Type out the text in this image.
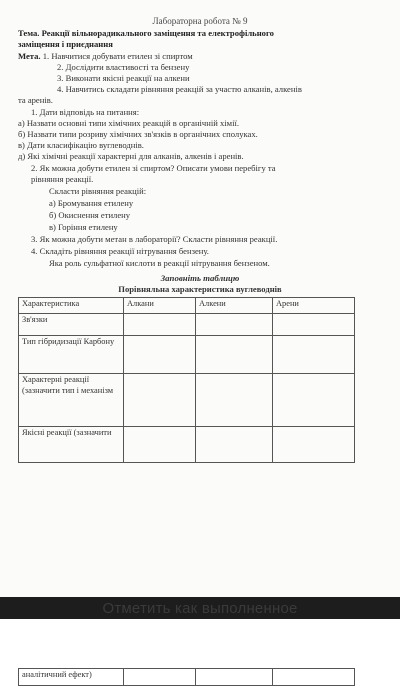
Лабораторна робота № 9
Тема. Реакції вільнорадикального заміщення та електрофільного
заміщення і приєднання
Мета. 1. Навчитися добувати етилен зі спиртом
2. Дослідити властивості та бензену
3. Виконати якісні реакції на алкени
4. Навчитись складати рівняння реакцій за участю алканів, алкенів
та аренів.
1. Дати відповідь на питання:
а) Назвати основні типи хімічних реакцій в органічній хімії.
б) Назвати типи розриву хімічних зв'язків в органічних сполуках.
в) Дати класифікацію вуглеводнів.
д) Які хімічні реакції характерні для алканів, алкенів і аренів.
2. Як можна добути етилен зі спиртом? Описати умови перебігу та
рівняння реакції.
Скласти рівняння реакцій:
а) Бромування етилену
б) Окиснення етилену
в) Горіння етилену
3. Як можна добути метан в лабораторії? Скласти рівняння реакції.
4. Складіть рівняння реакції нітрування бензену.
Яка роль сульфатної кислоти в реакції нітрування бензеном.
Заповніть таблицю
Порівняльна характеристика вуглеводнів
Характеристика	Алкани	Алкени	Арени
Зв'язки			
Тип гібридизації Карбону			
Характерні реакції (зазначити тип і механізм			
Якісні реакції (зазначити			
Отметить как выполненное
аналітичний ефект)			
